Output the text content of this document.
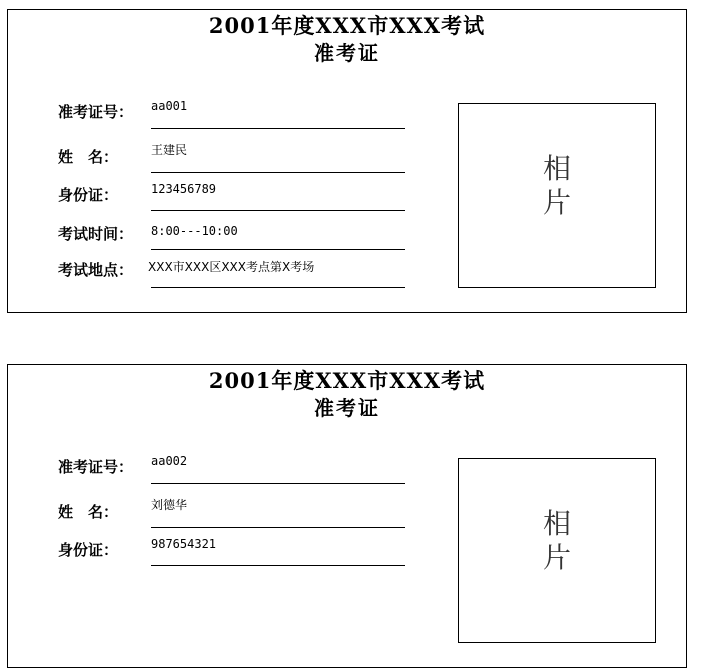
2001年度XXX市XXX考试
准考证
准考证号：	aa001
姓　名：	王建民
身份证：	123456789
考试时间：	8:00---10:00
考试地点：	XXX市XXX区XXX考点第X考场
相
片
2001年度XXX市XXX考试
准考证
准考证号：	aa002
姓　名：	刘德华
身份证：	987654321
相
片
